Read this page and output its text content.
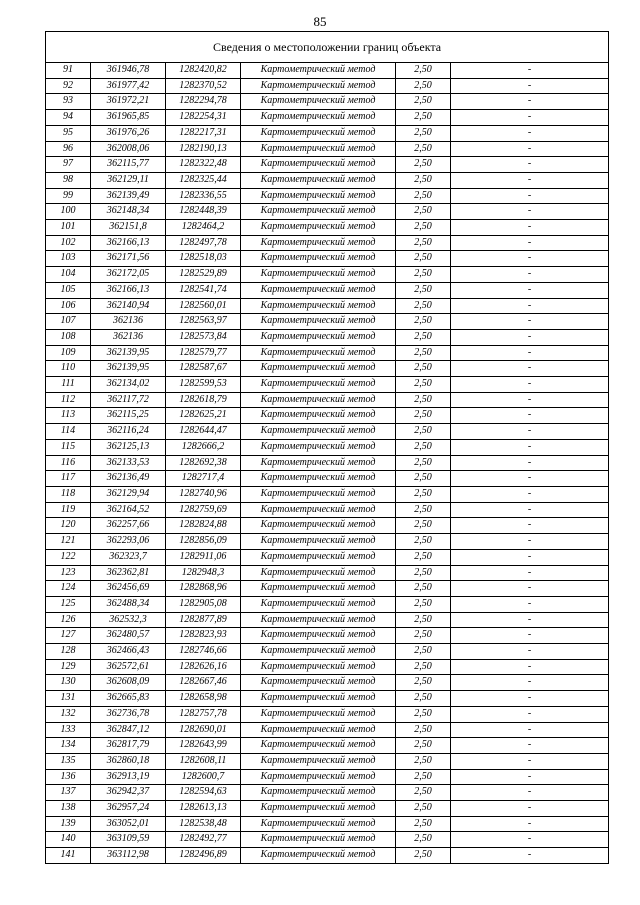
85
Сведения о местоположении границ объекта					
91	361946,78	1282420,82	Картометрический метод	2,50	-
92	361977,42	1282370,52	Картометрический метод	2,50	-
93	361972,21	1282294,78	Картометрический метод	2,50	-
94	361965,85	1282254,31	Картометрический метод	2,50	-
95	361976,26	1282217,31	Картометрический метод	2,50	-
96	362008,06	1282190,13	Картометрический метод	2,50	-
97	362115,77	1282322,48	Картометрический метод	2,50	-
98	362129,11	1282325,44	Картометрический метод	2,50	-
99	362139,49	1282336,55	Картометрический метод	2,50	-
100	362148,34	1282448,39	Картометрический метод	2,50	-
101	362151,8	1282464,2	Картометрический метод	2,50	-
102	362166,13	1282497,78	Картометрический метод	2,50	-
103	362171,56	1282518,03	Картометрический метод	2,50	-
104	362172,05	1282529,89	Картометрический метод	2,50	-
105	362166,13	1282541,74	Картометрический метод	2,50	-
106	362140,94	1282560,01	Картометрический метод	2,50	-
107	362136	1282563,97	Картометрический метод	2,50	-
108	362136	1282573,84	Картометрический метод	2,50	-
109	362139,95	1282579,77	Картометрический метод	2,50	-
110	362139,95	1282587,67	Картометрический метод	2,50	-
111	362134,02	1282599,53	Картометрический метод	2,50	-
112	362117,72	1282618,79	Картометрический метод	2,50	-
113	362115,25	1282625,21	Картометрический метод	2,50	-
114	362116,24	1282644,47	Картометрический метод	2,50	-
115	362125,13	1282666,2	Картометрический метод	2,50	-
116	362133,53	1282692,38	Картометрический метод	2,50	-
117	362136,49	1282717,4	Картометрический метод	2,50	-
118	362129,94	1282740,96	Картометрический метод	2,50	-
119	362164,52	1282759,69	Картометрический метод	2,50	-
120	362257,66	1282824,88	Картометрический метод	2,50	-
121	362293,06	1282856,09	Картометрический метод	2,50	-
122	362323,7	1282911,06	Картометрический метод	2,50	-
123	362362,81	1282948,3	Картометрический метод	2,50	-
124	362456,69	1282868,96	Картометрический метод	2,50	-
125	362488,34	1282905,08	Картометрический метод	2,50	-
126	362532,3	1282877,89	Картометрический метод	2,50	-
127	362480,57	1282823,93	Картометрический метод	2,50	-
128	362466,43	1282746,66	Картометрический метод	2,50	-
129	362572,61	1282626,16	Картометрический метод	2,50	-
130	362608,09	1282667,46	Картометрический метод	2,50	-
131	362665,83	1282658,98	Картометрический метод	2,50	-
132	362736,78	1282757,78	Картометрический метод	2,50	-
133	362847,12	1282690,01	Картометрический метод	2,50	-
134	362817,79	1282643,99	Картометрический метод	2,50	-
135	362860,18	1282608,11	Картометрический метод	2,50	-
136	362913,19	1282600,7	Картометрический метод	2,50	-
137	362942,37	1282594,63	Картометрический метод	2,50	-
138	362957,24	1282613,13	Картометрический метод	2,50	-
139	363052,01	1282538,48	Картометрический метод	2,50	-
140	363109,59	1282492,77	Картометрический метод	2,50	-
141	363112,98	1282496,89	Картометрический метод	2,50	-
